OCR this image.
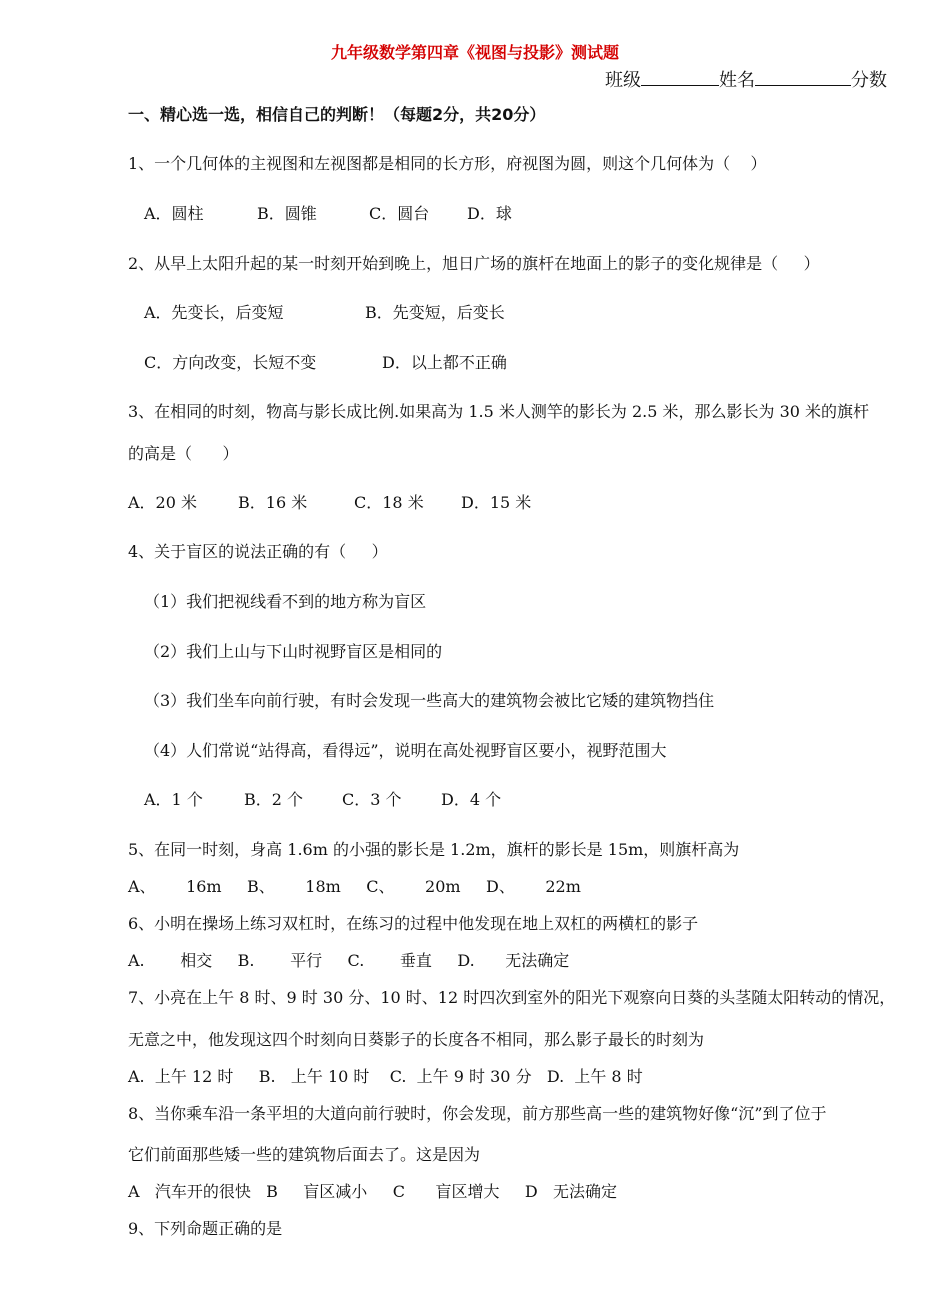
九年级数学第四章《视图与投影》测试题
班级	姓名	分数
一、精心选一选，相信自己的判断！（每题2分，共20分）
1、一个几何体的主视图和左视图都是相同的长方形，府视图为圆，则这个几何体为（    ）
A．圆柱	B．圆锥	C．圆台 D．球
2、从早上太阳升起的某一时刻开始到晚上，旭日广场的旗杆在地面上的影子的变化规律是（     ）
A．先变长，后变短	B．先变短，后变长
C．方向改变，长短不变	D．以上都不正确
3、在相同的时刻，物高与影长成比例.如果高为 1.5 米人测竿的影长为 2.5 米，那么影长为 30 米的旗杆
的高是（      ）
A．20 米	B．16 米	C．18 米 D．15 米
4、关于盲区的说法正确的有（     ）
（1）我们把视线看不到的地方称为盲区
（2）我们上山与下山时视野盲区是相同的
（3）我们坐车向前行驶，有时会发现一些高大的建筑物会被比它矮的建筑物挡住
（4）人们常说“站得高，看得远”，说明在高处视野盲区要小，视野范围大
A．1 个	B．2 个 C．3 个 D．4 个
5、在同一时刻，身高 1.6m 的小强的影长是 1.2m，旗杆的影长是 15m，则旗杆高为
A、      16m     B、      18m     C、      20m     D、      22m
6、小明在操场上练习双杠时，在练习的过程中他发现在地上双杠的两横杠的影子
A.       相交     B.       平行     C.       垂直     D.      无法确定
7、小亮在上午 8 时、9 时 30 分、10 时、12 时四次到室外的阳光下观察向日葵的头茎随太阳转动的情况，
无意之中，他发现这四个时刻向日葵影子的长度各不相同，那么影子最长的时刻为
A.  上午 12 时     B.   上午 10 时    C.  上午 9 时 30 分   D.  上午 8 时
8、当你乘车沿一条平坦的大道向前行驶时，你会发现，前方那些高一些的建筑物好像“沉”到了位于
它们前面那些矮一些的建筑物后面去了。这是因为
A   汽车开的很快   B     盲区减小     C      盲区增大     D   无法确定
9、下列命题正确的是
